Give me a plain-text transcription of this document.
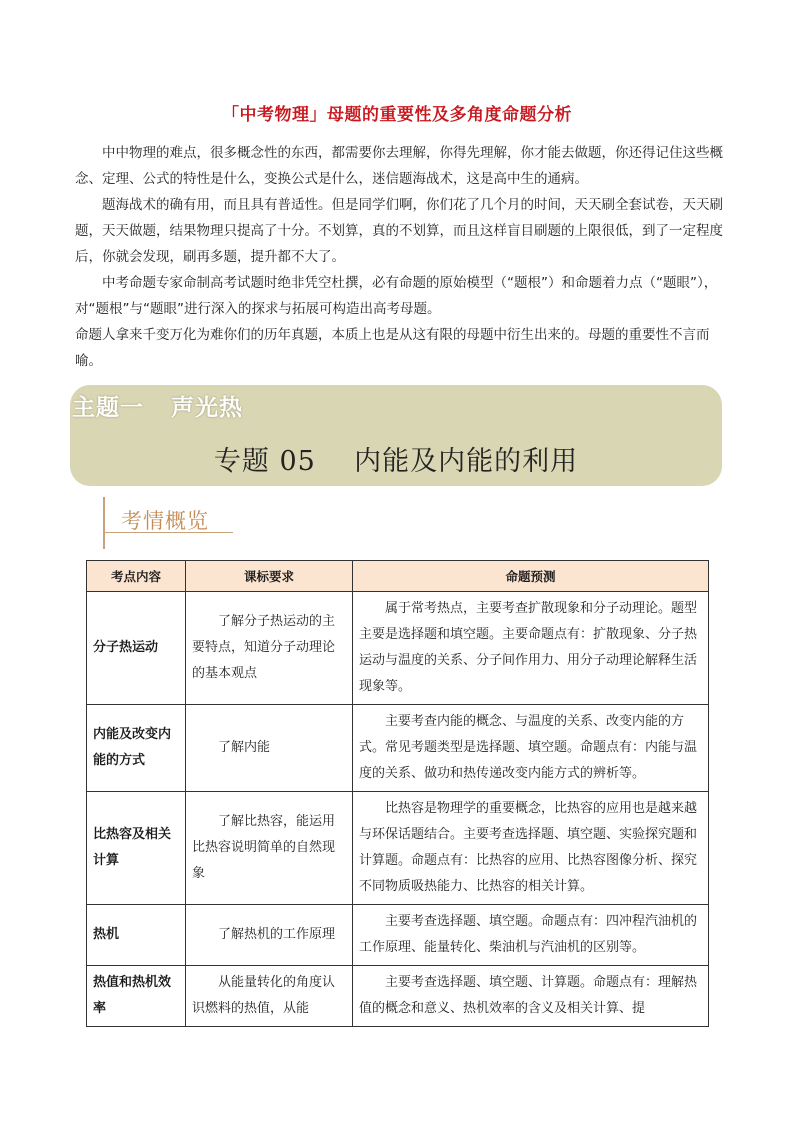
「中考物理」母题的重要性及多角度命题分析

中中物理的难点，很多概念性的东西，都需要你去理解，你得先理解，你才能去做题，你还得记住这些概念、定理、公式的特性是什么，变换公式是什么，迷信题海战术，这是高中生的通病。

题海战术的确有用，而且具有普适性。但是同学们啊，你们花了几个月的时间，天天刷全套试卷，天天刷题，天天做题，结果物理只提高了十分。不划算，真的不划算，而且这样盲目刷题的上限很低，到了一定程度后，你就会发现，刷再多题，提升都不大了。

中考命题专家命制高考试题时绝非凭空杜撰，必有命题的原始模型（“题根”）和命题着力点（“题眼”），对“题根”与“题眼”进行深入的探求与拓展可构造出高考母题。

命题人拿来千变万化为难你们的历年真题，本质上也是从这有限的母题中衍生出来的。母题的重要性不言而喻。

主题一   声光热
专题 05    内能及内能的利用
考情概览
考点内容	课标要求	命题预测
分子热运动	了解分子热运动的主要特点，知道分子动理论的基本观点	属于常考热点，主要考查扩散现象和分子动理论。题型主要是选择题和填空题。主要命题点有：扩散现象、分子热运动与温度的关系、分子间作用力、用分子动理论解释生活现象等。
内能及改变内能的方式	了解内能	主要考查内能的概念、与温度的关系、改变内能的方式。常见考题类型是选择题、填空题。命题点有：内能与温度的关系、做功和热传递改变内能方式的辨析等。
比热容及相关计算	了解比热容，能运用比热容说明简单的自然现象	比热容是物理学的重要概念，比热容的应用也是越来越与环保话题结合。主要考查选择题、填空题、实验探究题和计算题。命题点有：比热容的应用、比热容图像分析、探究不同物质吸热能力、比热容的相关计算。
热机	了解热机的工作原理	主要考查选择题、填空题。命题点有：四冲程汽油机的工作原理、能量转化、柴油机与汽油机的区别等。
热值和热机效率	从能量转化的角度认识燃料的热值，从能	主要考查选择题、填空题、计算题。命题点有：理解热值的概念和意义、热机效率的含义及相关计算、提
